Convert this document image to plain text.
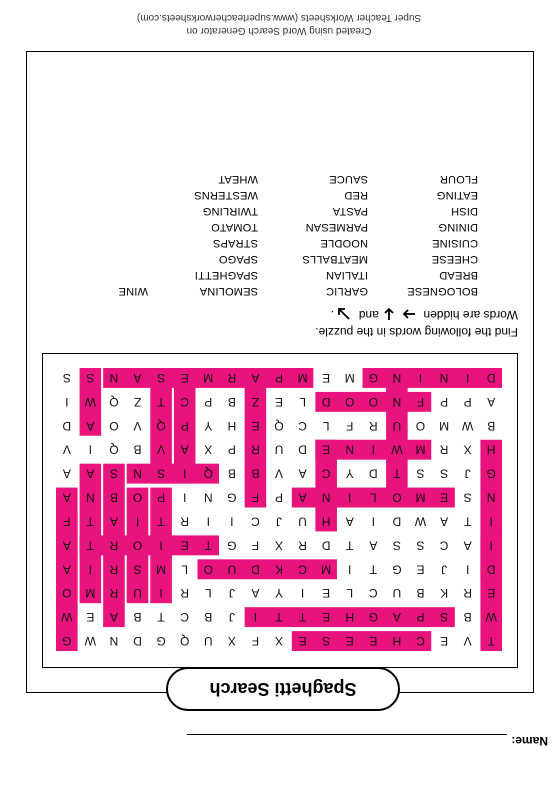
Name:
Spaghetti Search
T
V
E
C
H
E
E
S
E
X
F
X
U
Q
G
D
N
W
G
W
B
S
P
A
G
H
E
T
T
I
J
B
C
T
B
A
E
W
E
R
K
B
U
C
L
E
I
Y
A
J
L
R
I
U
R
M
O
D
I
J
E
G
T
I
M
C
K
D
U
O
L
M
S
R
I
A
I
A
C
S
S
A
T
D
R
X
F
G
T
E
I
O
R
T
A
I
T
A
W
D
I
A
H
U
J
C
I
I
R
T
I
A
T
F
N
S
E
M
O
L
I
N
A
P
F
G
N
I
P
O
B
N
A
G
J
S
S
T
D
Y
C
A
V
B
B
Q
I
S
N
S
A
A
H
X
R
M
W
I
N
E
D
U
R
P
X
A
V
B
Q
I
V
B
W
M
O
U
R
F
L
C
Q
E
H
Y
P
Q
V
O
A
D
A
P
P
F
N
O
O
D
L
E
Z
B
P
C
T
Z
Q
W
I
D
I
N
I
N
G
M
E
M
P
A
R
M
E
S
A
N
S
S
Find the following words in the puzzle.
Words are hidden
and
.
BOLOGNESE
BREAD
CHEESE
CUISINE
DINING
DISH
EATING
FLOUR
GARLIC
ITALIAN
MEATBALLS
NOODLE
PARMESAN
PASTA
RED
SAUCE
SEMOLINA
SPAGHETTI
SPAGO
STRAPS
TOMATO
TWIRLING
WESTERNS
WHEAT
WINE
Created using Word Search Generator on
Super Teacher Worksheets (www.superteacherworksheets.com)
